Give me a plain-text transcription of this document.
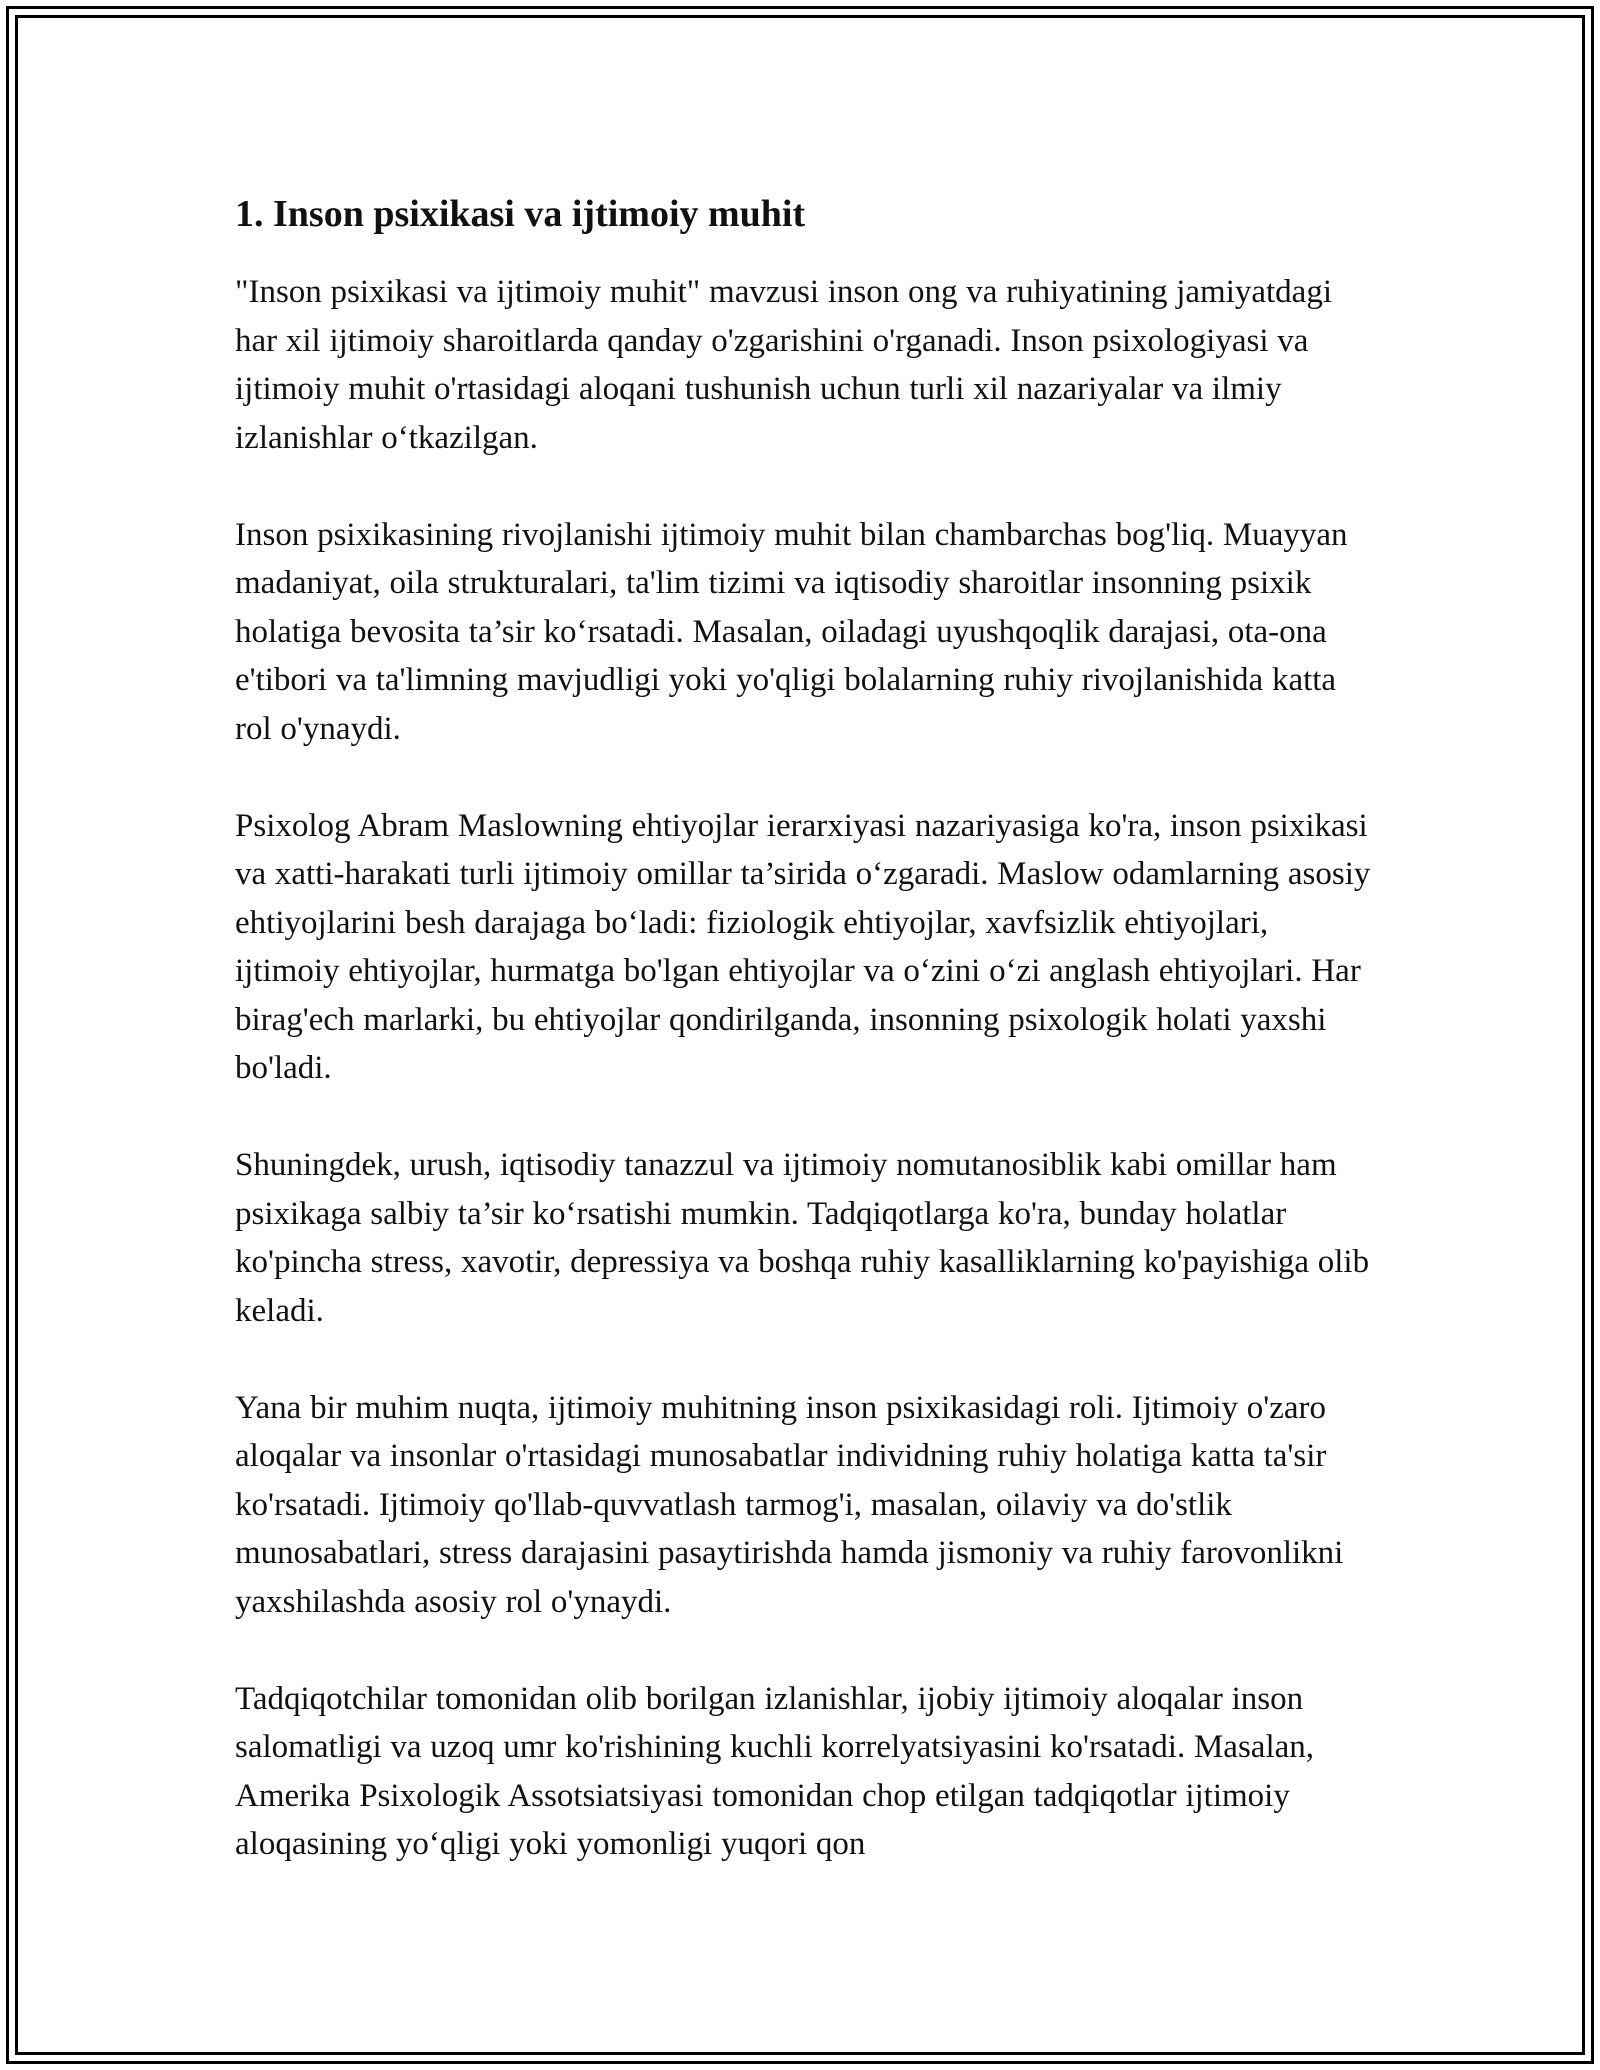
1. Inson psixikasi va ijtimoiy muhit

"Inson psixikasi va ijtimoiy muhit" mavzusi inson ong va ruhiyatining jamiyatdagi har xil ijtimoiy sharoitlarda qanday o'zgarishini o'rganadi. Inson psixologiyasi va ijtimoiy muhit o'rtasidagi aloqani tushunish uchun turli xil nazariyalar va ilmiy izlanishlar o‘tkazilgan.

Inson psixikasining rivojlanishi ijtimoiy muhit bilan chambarchas bog'liq. Muayyan madaniyat, oila strukturalari, ta'lim tizimi va iqtisodiy sharoitlar insonning psixik holatiga bevosita ta’sir ko‘rsatadi. Masalan, oiladagi uyushqoqlik darajasi, ota-ona e'tibori va ta'limning mavjudligi yoki yo'qligi bolalarning ruhiy rivojlanishida katta rol o'ynaydi.

Psixolog Abram Maslowning ehtiyojlar ierarxiyasi nazariyasiga ko'ra, inson psixikasi va xatti-harakati turli ijtimoiy omillar ta’sirida o‘zgaradi. Maslow odamlarning asosiy ehtiyojlarini besh darajaga bo‘ladi: fiziologik ehtiyojlar, xavfsizlik ehtiyojlari, ijtimoiy ehtiyojlar, hurmatga bo'lgan ehtiyojlar va o‘zini o‘zi anglash ehtiyojlari. Har birag'ech marlarki, bu ehtiyojlar qondirilganda, insonning psixologik holati yaxshi bo'ladi.

Shuningdek, urush, iqtisodiy tanazzul va ijtimoiy nomutanosiblik kabi omillar ham psixikaga salbiy ta’sir ko‘rsatishi mumkin. Tadqiqotlarga ko'ra, bunday holatlar ko'pincha stress, xavotir, depressiya va boshqa ruhiy kasalliklarning ko'payishiga olib keladi.

Yana bir muhim nuqta, ijtimoiy muhitning inson psixikasidagi roli. Ijtimoiy o'zaro aloqalar va insonlar o'rtasidagi munosabatlar individning ruhiy holatiga katta ta'sir ko'rsatadi. Ijtimoiy qo'llab-quvvatlash tarmog'i, masalan, oilaviy va do'stlik munosabatlari, stress darajasini pasaytirishda hamda jismoniy va ruhiy farovonlikni yaxshilashda asosiy rol o'ynaydi.

Tadqiqotchilar tomonidan olib borilgan izlanishlar, ijobiy ijtimoiy aloqalar inson salomatligi va uzoq umr ko'rishining kuchli korrelyatsiyasini ko'rsatadi. Masalan, Amerika Psixologik Assotsiatsiyasi tomonidan chop etilgan tadqiqotlar ijtimoiy aloqasining yo‘qligi yoki yomonligi yuqori qon
